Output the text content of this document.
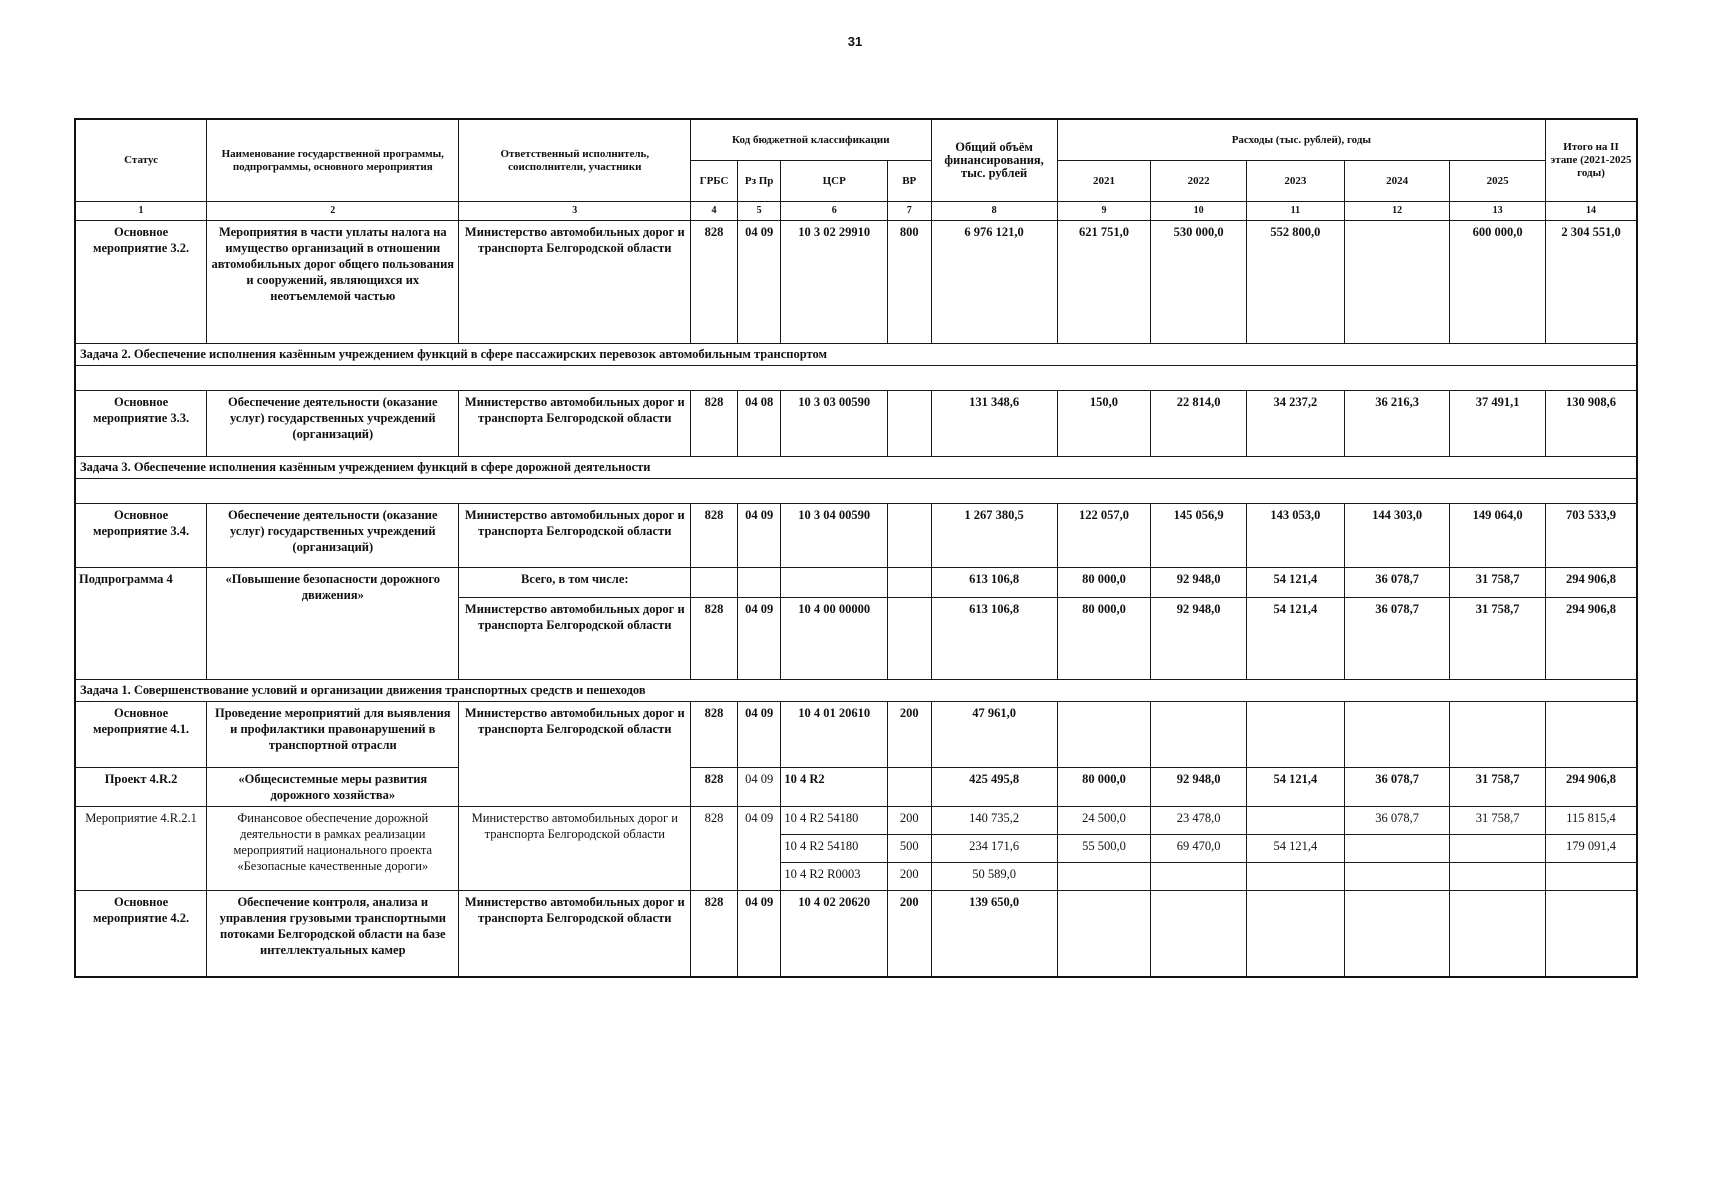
31
Статус	Наименование государственной программы, подпрограммы, основного мероприятия	Ответственный исполнитель, соисполнители, участники	Код бюджетной классификации				Общий объём финансирования, тыс. рублей	Расходы (тыс. рублей), годы					Итого на II этапе (2021-2025 годы)
			ГРБС	Рз Пр	ЦСР	ВР		2021	2022	2023	2024	2025	
1	2	3	4	5	6	7	8	9	10	11	12	13	14
Основное мероприятие 3.2.	Мероприятия в части уплаты налога на имущество организаций в отношении автомобильных дорог общего пользования и сооружений, являющихся их неотъемлемой частью	Министерство автомобильных дорог и транспорта Белгородской области	828	04 09	10 3 02 29910	800	6 976 121,0	621 751,0	530 000,0	552 800,0		600 000,0	2 304 551,0
Задача 2. Обеспечение исполнения казённым учреждением функций в сфере пассажирских перевозок автомобильным транспортом													

Основное мероприятие 3.3.	Обеспечение деятельности (оказание услуг) государственных учреждений (организаций)	Министерство автомобильных дорог и транспорта Белгородской области	828	04 08	10 3 03 00590		131 348,6	150,0	22 814,0	34 237,2	36 216,3	37 491,1	130 908,6
Задача 3. Обеспечение исполнения казённым учреждением функций в сфере дорожной деятельности													

Основное мероприятие 3.4.	Обеспечение деятельности (оказание услуг) государственных учреждений (организаций)	Министерство автомобильных дорог и транспорта Белгородской области	828	04 09	10 3 04 00590		1 267 380,5	122 057,0	145 056,9	143 053,0	144 303,0	149 064,0	703 533,9
Подпрограмма 4	«Повышение безопасности дорожного движения»	Всего, в том числе:					613 106,8	80 000,0	92 948,0	54 121,4	36 078,7	31 758,7	294 906,8
		Министерство автомобильных дорог и транспорта Белгородской области	828	04 09	10 4 00 00000		613 106,8	80 000,0	92 948,0	54 121,4	36 078,7	31 758,7	294 906,8
Задача 1. Совершенствование условий и организации движения транспортных средств и пешеходов													
Основное мероприятие 4.1.	Проведение мероприятий для выявления и профилактики правонарушений в транспортной отрасли	Министерство автомобильных дорог и транспорта Белгородской области	828	04 09	10 4 01 20610	200	47 961,0						
Проект 4.R.2	«Общесистемные меры развития дорожного хозяйства»		828	04 09	10 4 R2		425 495,8	80 000,0	92 948,0	54 121,4	36 078,7	31 758,7	294 906,8
Мероприятие 4.R.2.1	Финансовое обеспечение дорожной деятельности в рамках реализации мероприятий национального проекта «Безопасные качественные дороги»	Министерство автомобильных дорог и транспорта Белгородской области	828	04 09	10 4 R2 54180	200	140 735,2	24 500,0	23 478,0		36 078,7	31 758,7	115 815,4
					10 4 R2 54180	500	234 171,6	55 500,0	69 470,0	54 121,4			179 091,4
					10 4 R2 R0003	200	50 589,0						
Основное мероприятие 4.2.	Обеспечение контроля, анализа и управления грузовыми транспортными потоками Белгородской области на базе интеллектуальных камер	Министерство автомобильных дорог и транспорта Белгородской области	828	04 09	10 4 02 20620	200	139 650,0						
